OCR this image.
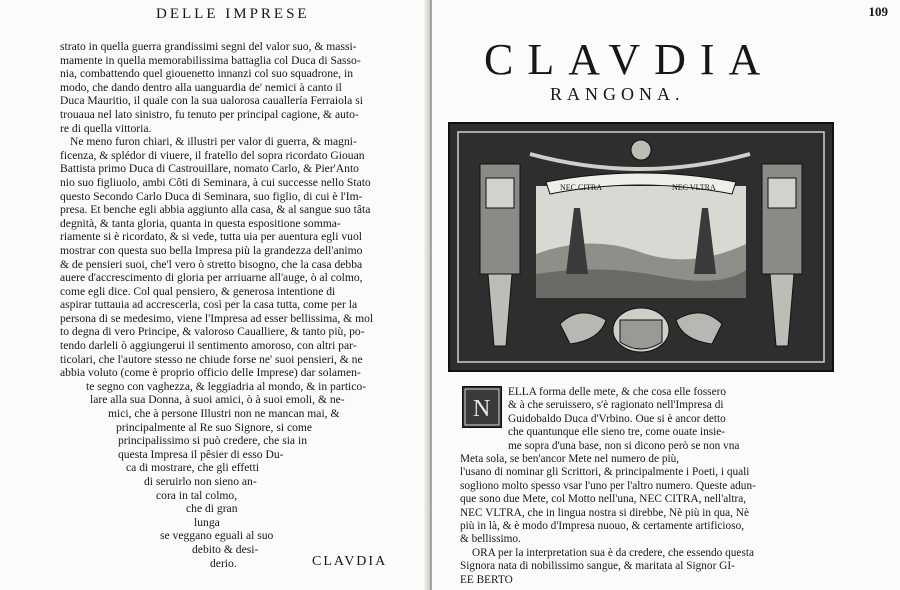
DELLE IMPRESE
strato in quella guerra grandissimi segni del valor suo, & massi-
mamente in quella memorabilissima battaglia col Duca di Sasso-
nia, combattendo quel giouenetto innanzi col suo squadrone, in
modo, che dando dentro alla uanguardia de' nemici à canto il
Duca Mauritio, il quale con la sua ualorosa cauallería Ferraiola si
trouaua nel lato sinistro, fu tenuto per principal cagione, & auto-
re di quella vittoria.
Ne meno furon chiari, & illustri per valor di guerra, & magni-
ficenza, & splédor di viuere, il fratello del sopra ricordato Giouan
Battista primo Duca di Castrouillare, nomato Carlo, & Pier'Anto
nio suo figliuolo, ambi Côti di Seminara, à cui successe nello Stato
questo Secondo Carlo Duca di Seminara, suo figlio, di cui è l'Im-
presa. Et benche egli abbia aggiunto alla casa, & al sangue suo tâta
degnità, & tanta gloria, quanta in questa espositione somma-
riamente si è ricordato, & si vede, tutta uia per auentura egli vuol
mostrar con questa suo bella Impresa più la grandezza dell'animo
& de pensieri suoi, che'l vero ò stretto bisogno, che la casa debba
auere d'accrescimento di gloria per arriuarne all'auge, ò al colmo,
come egli dice. Col qual pensiero, & generosa intentione di
aspirar tuttauia ad accrescerla, così per la casa tutta, come per la
persona di se medesimo, viene l'Impresa ad esser bellissima, & mol
to degna di vero Principe, & valoroso Caualliere, & tanto più, po-
tendo darleli ò aggiungerui il sentimento amoroso, con altri par-
ticolari, che l'autore stesso ne chiude forse ne' suoi pensieri, & ne
abbia voluto (come è proprio officio delle Imprese) dar solamen-
te segno con vaghezza, & leggiadria al mondo, & in partico-
lare alla sua Donna, à suoi amici, ò à suoi emoli, & ne-
mici, che à persone Illustri non ne mancan mai, &
principalmente al Re suo Signore, si come
principalissimo si può credere, che sia in
questa Impresa il pêsier di esso Du-
ca di mostrare, che gli effetti
di seruirlo non sieno an-
cora in tal colmo,
che di gran
lunga
se veggano eguali al suo
debito & desi-
derio.	CLAVDIA
109
CLAVDIA
RANGONA.
NEC CITRA	NEC VLTRA
N
ELLA forma delle mete, & che cosa elle fossero
& à che seruissero, s'è ragionato nell'Impresa di
Guidobaldo Duca d'Vrbino. Oue si è ancor detto
che quantunque elle sieno tre, come ouate insie-
me sopra d'una base, non si dicono però se non vna
Meta sola, se ben'ancor Mete nel numero de più,
l'usano di nominar gli Scrittori, & principalmente i Poeti, i quali
sogliono molto spesso vsar l'uno per l'altro numero. Queste adun-
que sono due Mete, col Motto nell'una, NEC CITRA, nell'altra,
NEC VLTRA, che in lingua nostra si direbbe, Nè più in qua, Nè
più in là, & è modo d'Impresa nuouo, & certamente artificioso,
& bellissimo.
ORA per la interpretation sua è da credere, che essendo questa
Signora nata di nobilissimo sangue, & maritata al Signor GI-
EE BERTO
